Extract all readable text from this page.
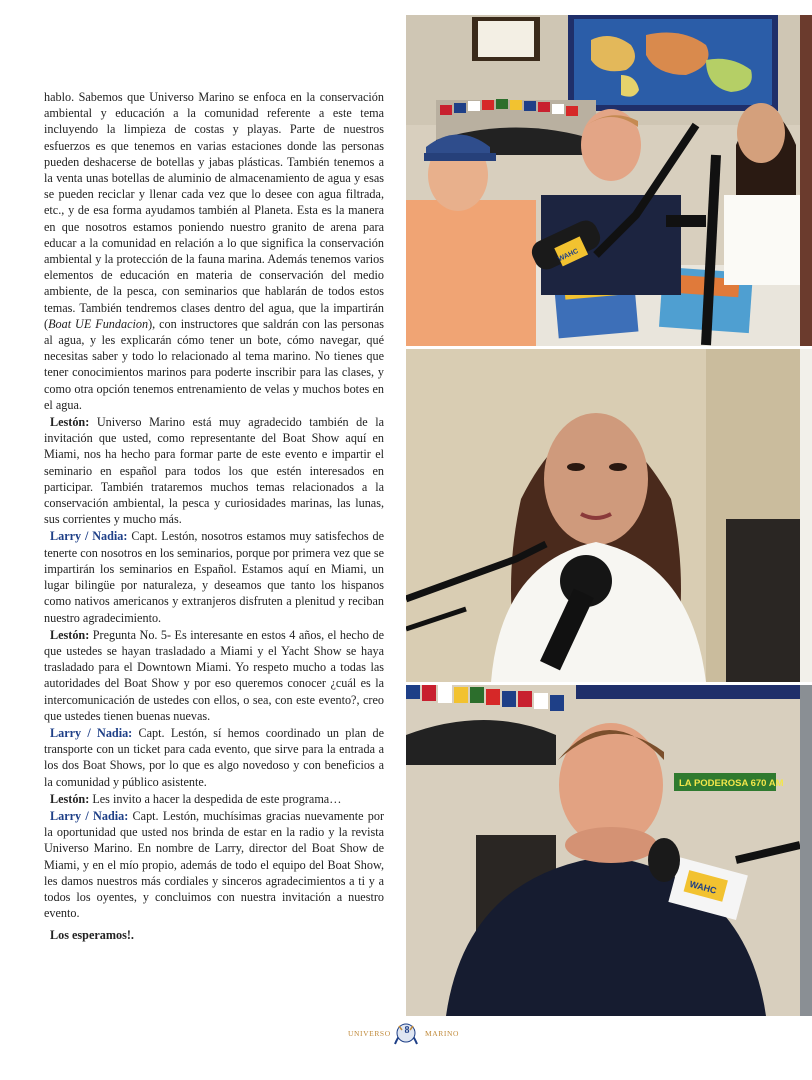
hablo. Sabemos que Universo Marino se enfoca en la conservación ambiental y educación a la comunidad referente a este tema incluyendo la limpieza de costas y playas. Parte de nuestros esfuerzos es que tenemos en varias estaciones donde las personas pueden deshacerse de botellas y jabas plásticas. También tenemos a la venta unas botellas de aluminio de almacenamiento de agua y esas se pueden reciclar y llenar cada vez que lo desee con agua filtrada, etc., y de esa forma ayudamos también al Planeta. Esta es la manera en que nosotros estamos poniendo nuestro granito de arena para educar a la comunidad en relación a lo que significa la conservación ambiental y la protección de la fauna marina. Además tenemos varios elementos de educación en materia de conservación del medio ambiente, de la pesca, con seminarios que hablarán de todos estos temas. También tendremos clases dentro del agua, que la impartirán (Boat UE Fundacion), con instructores que saldrán con las personas al agua, y les explicarán cómo tener un bote, cómo navegar, qué necesitas saber y todo lo relacionado al tema marino. No tienes que tener conocimientos marinos para poderte inscribir para las clases, y como otra opción tenemos entrenamiento de velas y muchos botes en el agua.

Lestón: Universo Marino está muy agradecido también de la invitación que usted, como representante del Boat Show aquí en Miami, nos ha hecho para formar parte de este evento e impartir el seminario en español para todos los que estén interesados en participar. También trataremos muchos temas relacionados a la conservación ambiental, la pesca y curiosidades marinas, las lunas, sus corrientes y mucho más.

Larry / Nadia: Capt. Lestón, nosotros estamos muy satisfechos de tenerte con nosotros en los seminarios, porque por primera vez que se impartirán los seminarios en Español. Estamos aquí en Miami, un lugar bilingüe por naturaleza, y deseamos que tanto los hispanos como nativos americanos y extranjeros disfruten a plenitud y reciban nuestro agradecimiento.

Lestón: Pregunta No. 5- Es interesante en estos 4 años, el hecho de que ustedes se hayan trasladado a Miami y el Yacht Show se haya trasladado para el Downtown Miami. Yo respeto mucho a todas las autoridades del Boat Show y por eso queremos conocer ¿cuál es la intercomunicación de ustedes con ellos, o sea, con este evento?, creo que ustedes tienen buenas nuevas.

Larry / Nadia: Capt. Lestón, sí hemos coordinado un plan de transporte con un ticket para cada evento, que sirve para la entrada a los dos Boat Shows, por lo que es algo novedoso y con beneficios a la comunidad y público asistente.

Lestón: Les invito a hacer la despedida de este programa…

Larry / Nadia: Capt. Lestón, muchísimas gracias nuevamente por la oportunidad que usted nos brinda de estar en la radio y la revista Universo Marino. En nombre de Larry, director del Boat Show de Miami, y en el mío propio, además de todo el equipo del Boat Show, les damos nuestros más cordiales y sinceros agradecimientos a ti y a todos los oyentes, y concluimos con nuestra invitación a nuestro evento.

Los esperamos!.

WAHC
LA PODEROSA 670 AM
WAHC
UNIVERSO	8	MARINO
